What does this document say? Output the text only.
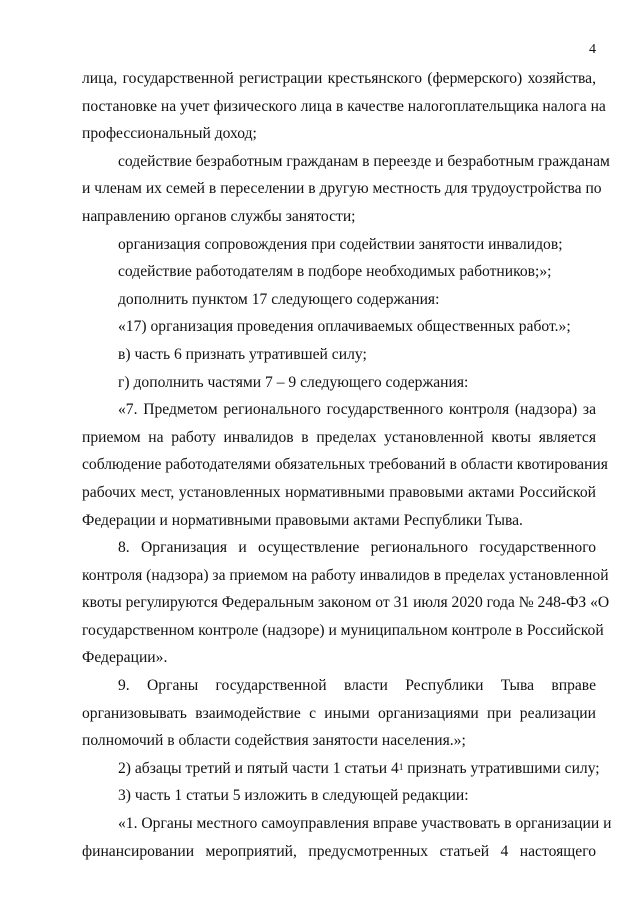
4
лица, государственной регистрации крестьянского (фермерского) хозяйства,
постановке на учет физического лица в качестве налогоплательщика налога на
профессиональный доход;
содействие безработным гражданам в переезде и безработным гражданам
и членам их семей в переселении в другую местность для трудоустройства по
направлению органов службы занятости;
организация сопровождения при содействии занятости инвалидов;
содействие работодателям в подборе необходимых работников;»;
дополнить пунктом 17 следующего содержания:
«17) организация проведения оплачиваемых общественных работ.»;
в) часть 6 признать утратившей силу;
г) дополнить частями 7 – 9 следующего содержания:
«7. Предметом регионального государственного контроля (надзора) за
приемом на работу инвалидов в пределах установленной квоты является
соблюдение работодателями обязательных требований в области квотирования
рабочих мест, установленных нормативными правовыми актами Российской
Федерации и нормативными правовыми актами Республики Тыва.
8. Организация и осуществление регионального государственного
контроля (надзора) за приемом на работу инвалидов в пределах установленной
квоты регулируются Федеральным законом от 31 июля 2020 года № 248-ФЗ «О
государственном контроле (надзоре) и муниципальном контроле в Российской
Федерации».
9. Органы государственной власти Республики Тыва вправе
организовывать взаимодействие с иными организациями при реализации
полномочий в области содействия занятости населения.»;
2) абзацы третий и пятый части 1 статьи $4^1$ признать утратившими силу;
3) часть 1 статьи 5 изложить в следующей редакции:
«1. Органы местного самоуправления вправе участвовать в организации и
финансировании мероприятий, предусмотренных статьей 4 настоящего
